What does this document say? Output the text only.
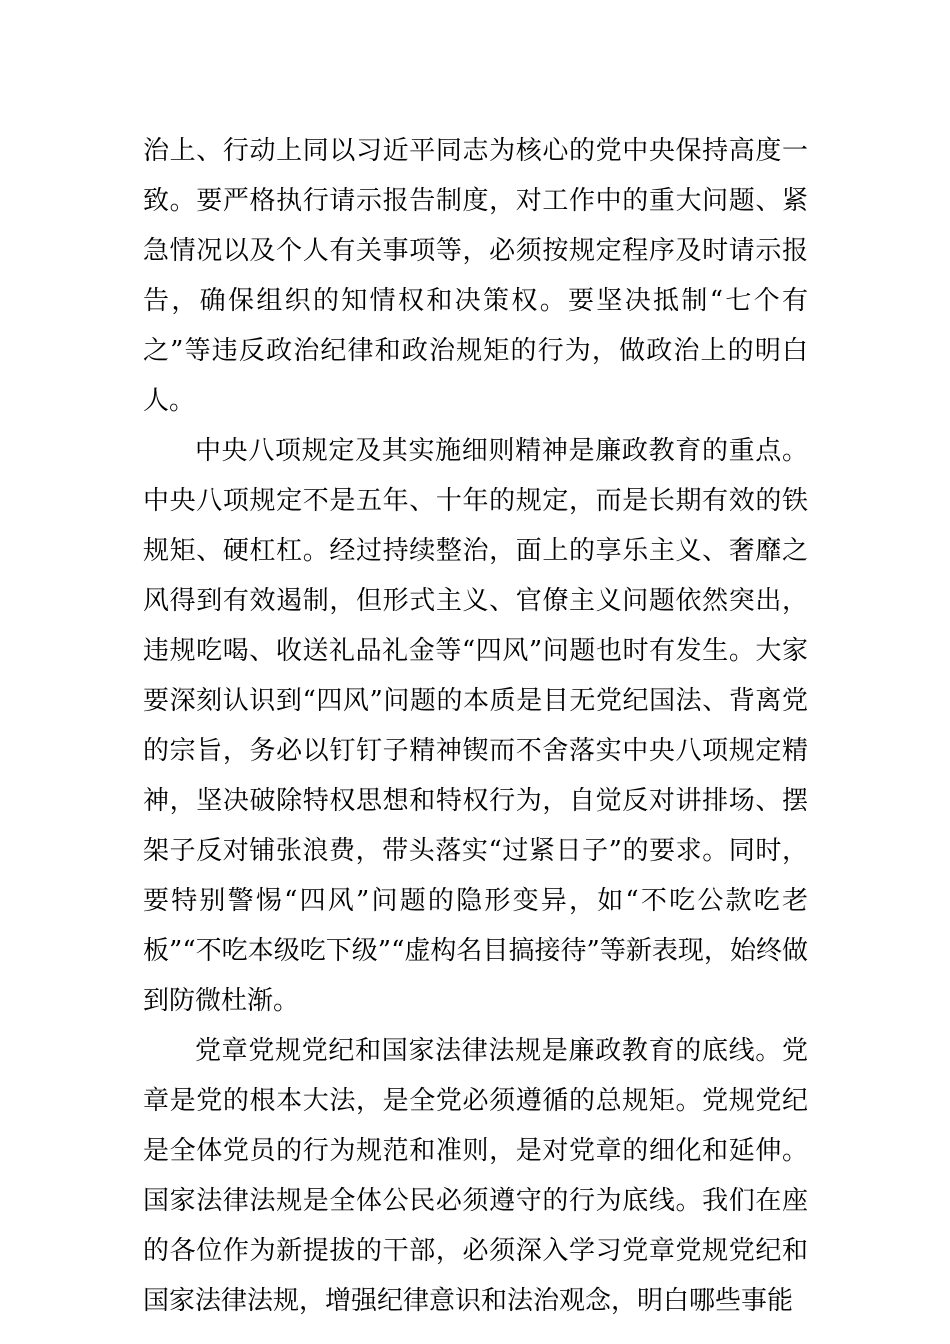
治上、行动上同以习近平同志为核心的党中央保持高度一致。要严格执行请示报告制度，对工作中的重大问题、紧急情况以及个人有关事项等，必须按规定程序及时请示报告，确保组织的知情权和决策权。要坚决抵制“七个有之”等违反政治纪律和政治规矩的行为，做政治上的明白人。

中央八项规定及其实施细则精神是廉政教育的重点。中央八项规定不是五年、十年的规定，而是长期有效的铁规矩、硬杠杠。经过持续整治，面上的享乐主义、奢靡之风得到有效遏制，但形式主义、官僚主义问题依然突出，违规吃喝、收送礼品礼金等“四风”问题也时有发生。大家要深刻认识到“四风”问题的本质是目无党纪国法、背离党的宗旨，务必以钉钉子精神锲而不舍落实中央八项规定精神，坚决破除特权思想和特权行为，自觉反对讲排场、摆架子反对铺张浪费，带头落实“过紧日子”的要求。同时，要特别警惕“四风”问题的隐形变异，如“不吃公款吃老板”“不吃本级吃下级”“虚构名目搞接待”等新表现，始终做到防微杜渐。

党章党规党纪和国家法律法规是廉政教育的底线。党章是党的根本大法，是全党必须遵循的总规矩。党规党纪是全体党员的行为规范和准则，是对党章的细化和延伸。国家法律法规是全体公民必须遵守的行为底线。我们在座的各位作为新提拔的干部，必须深入学习党章党规党纪和国家法律法规，增强纪律意识和法治观念，明白哪些事能
